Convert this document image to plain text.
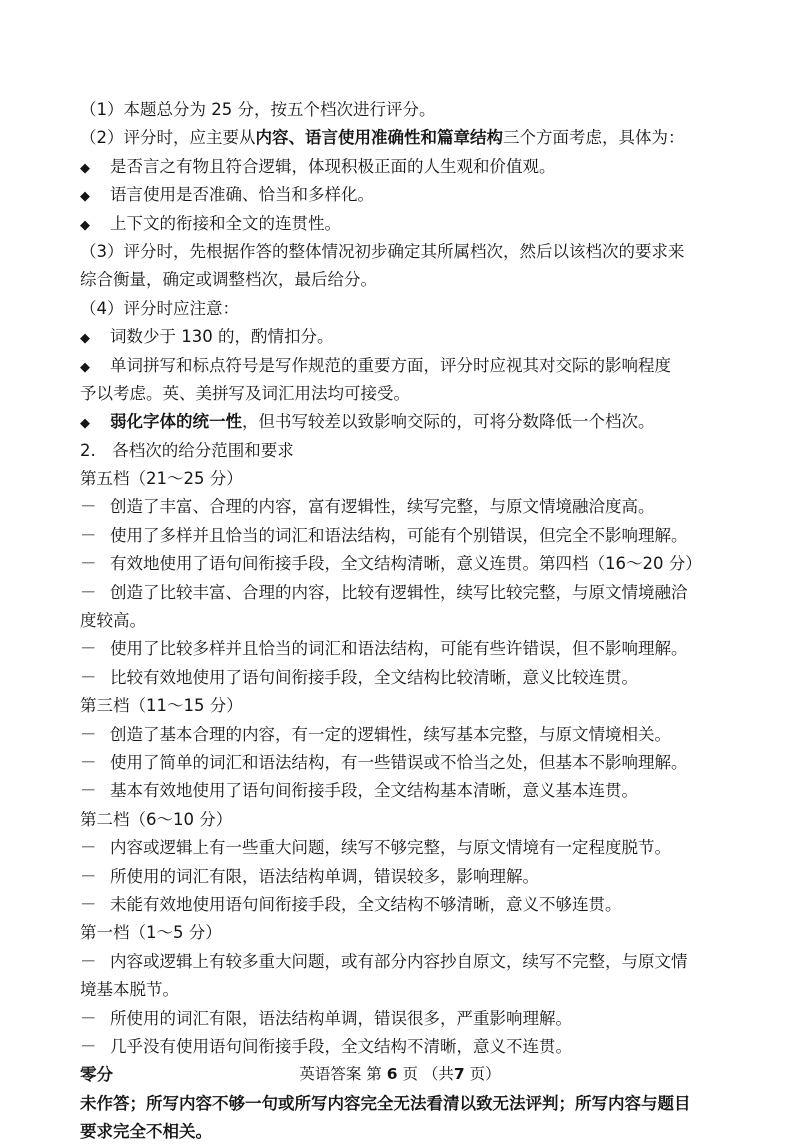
（1）本题总分为 25 分，按五个档次进行评分。
（2）评分时，应主要从内容、语言使用准确性和篇章结构三个方面考虑，具体为：
◆ 是否言之有物且符合逻辑，体现积极正面的人生观和价值观。
◆ 语言使用是否准确、恰当和多样化。
◆ 上下文的衔接和全文的连贯性。
（3）评分时，先根据作答的整体情况初步确定其所属档次，然后以该档次的要求来
综合衡量，确定或调整档次，最后给分。
（4）评分时应注意：
◆ 词数少于 130 的，酌情扣分。
◆ 单词拼写和标点符号是写作规范的重要方面，评分时应视其对交际的影响程度
予以考虑。英、美拼写及词汇用法均可接受。
◆ 弱化字体的统一性，但书写较差以致影响交际的，可将分数降低一个档次。
2.　各档次的给分范围和要求
第五档（21～25 分）
－ 创造了丰富、合理的内容，富有逻辑性，续写完整，与原文情境融洽度高。
－ 使用了多样并且恰当的词汇和语法结构，可能有个别错误，但完全不影响理解。
－ 有效地使用了语句间衔接手段，全文结构清晰，意义连贯。第四档（16～20 分）
－ 创造了比较丰富、合理的内容，比较有逻辑性，续写比较完整，与原文情境融洽
度较高。
－ 使用了比较多样并且恰当的词汇和语法结构，可能有些许错误，但不影响理解。
－ 比较有效地使用了语句间衔接手段，全文结构比较清晰，意义比较连贯。
第三档（11～15 分）
－ 创造了基本合理的内容，有一定的逻辑性，续写基本完整，与原文情境相关。
－ 使用了简单的词汇和语法结构，有一些错误或不恰当之处，但基本不影响理解。
－ 基本有效地使用了语句间衔接手段，全文结构基本清晰，意义基本连贯。
第二档（6～10 分）
－ 内容或逻辑上有一些重大问题，续写不够完整，与原文情境有一定程度脱节。
－ 所使用的词汇有限，语法结构单调，错误较多，影响理解。
－ 未能有效地使用语句间衔接手段，全文结构不够清晰，意义不够连贯。
第一档（1～5 分）
－ 内容或逻辑上有较多重大问题，或有部分内容抄自原文，续写不完整，与原文情
境基本脱节。
－ 所使用的词汇有限，语法结构单调，错误很多，严重影响理解。
－ 几乎没有使用语句间衔接手段，全文结构不清晰，意义不连贯。
零分
未作答；所写内容不够一句或所写内容完全无法看清以致无法评判；所写内容与题目
要求完全不相关。
英语答案 第 6 页 （共7 页）
